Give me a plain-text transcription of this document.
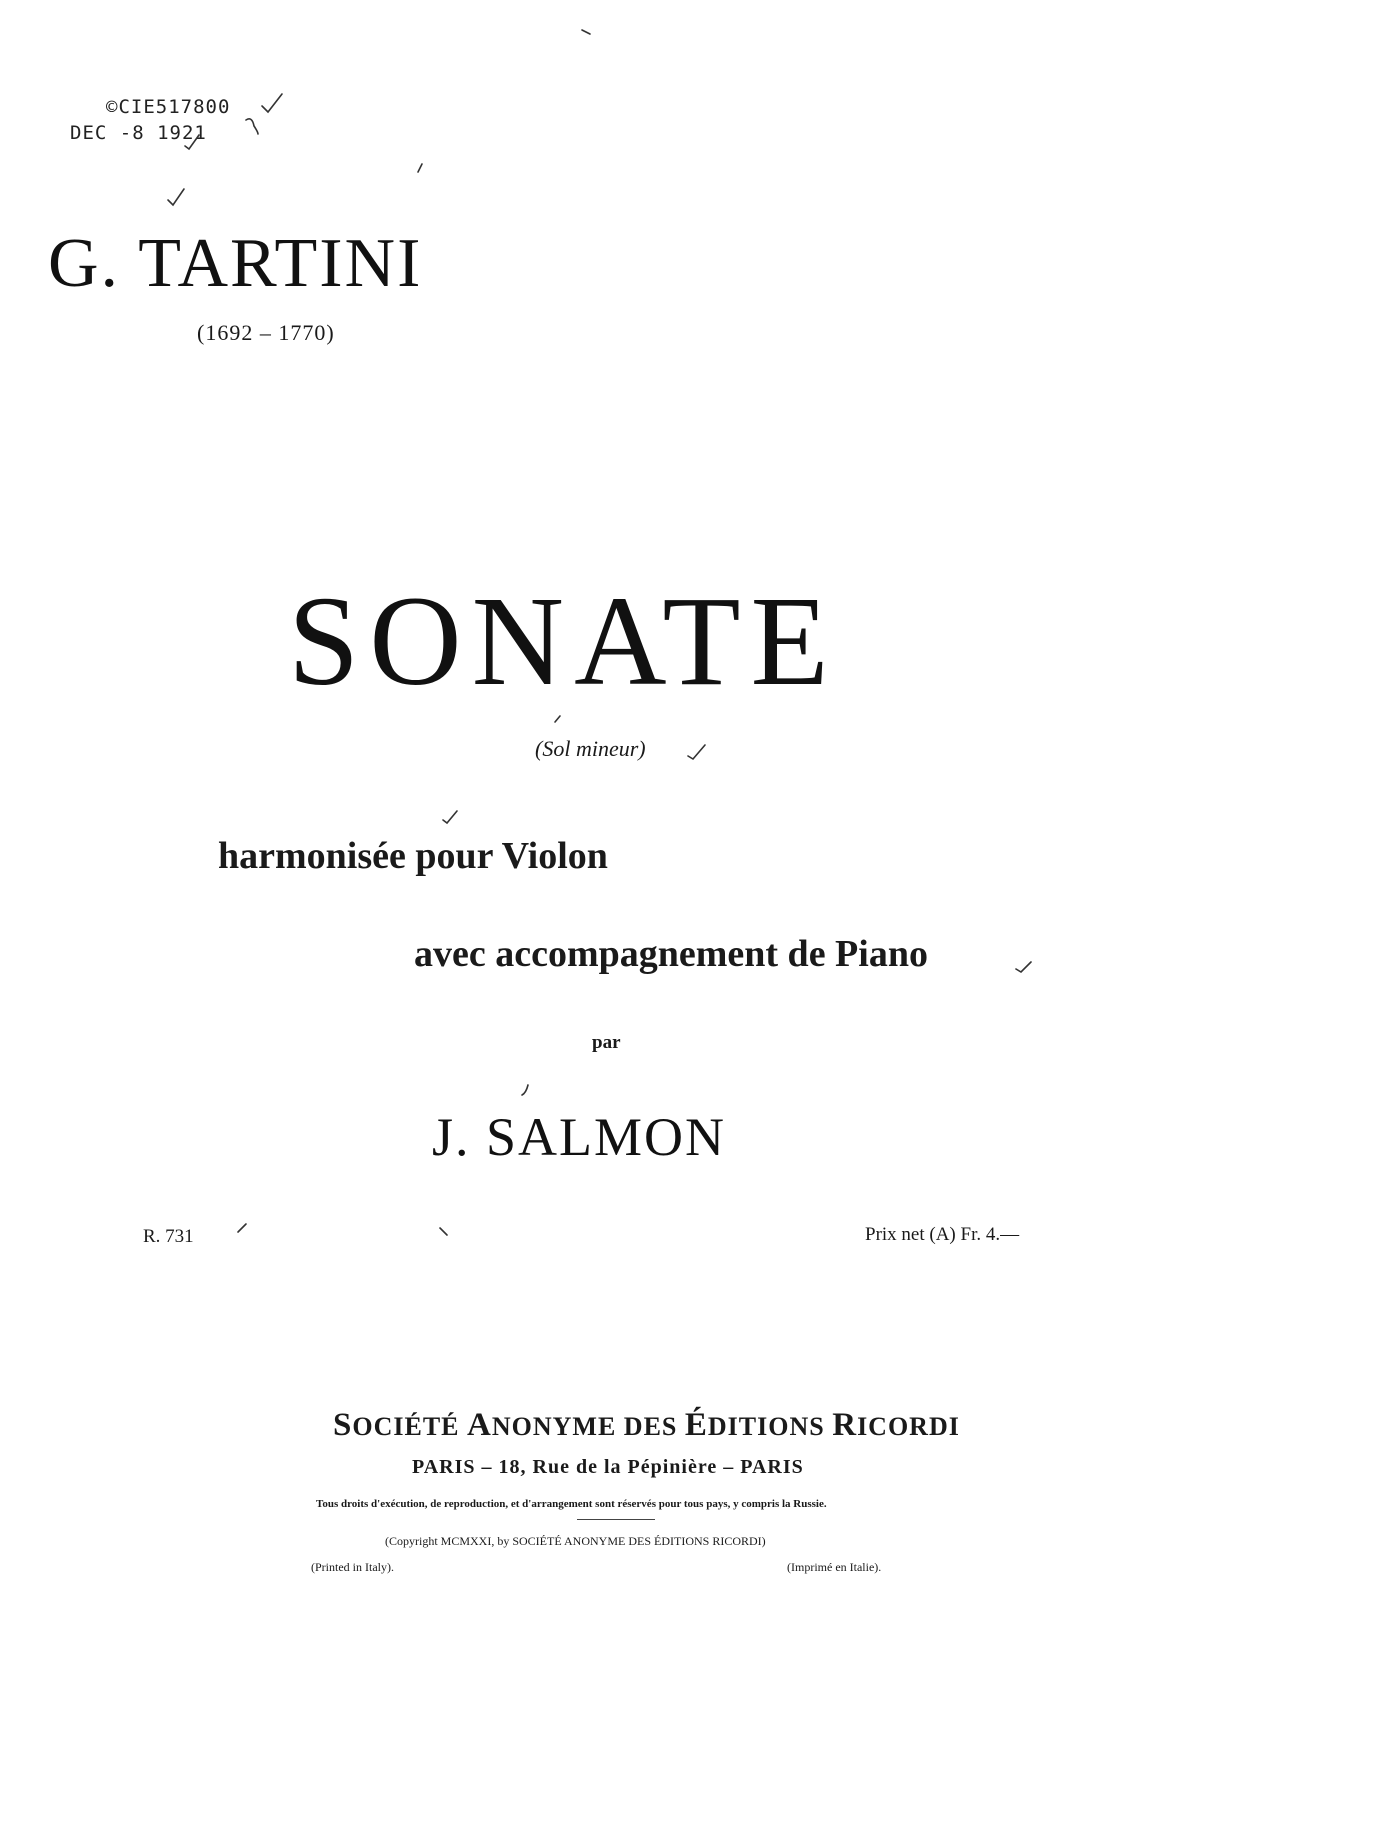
©CIE517800
DEC -8 1921
G. TARTINI
(1692 – 1770)
SONATE
(Sol mineur)
harmonisée pour Violon
avec accompagnement de Piano
par
J. SALMON
R. 731	Prix net (A) Fr. 4.—
SOCIÉTÉ ANONYME DES ÉDITIONS RICORDI
PARIS – 18, Rue de la Pépinière – PARIS
Tous droits d'exécution, de reproduction, et d'arrangement sont réservés pour tous pays, y compris la Russie.
(Copyright MCMXXI, by SOCIÉTÉ ANONYME DES ÉDITIONS RICORDI)
(Printed in Italy).	(Imprimé en Italie).
